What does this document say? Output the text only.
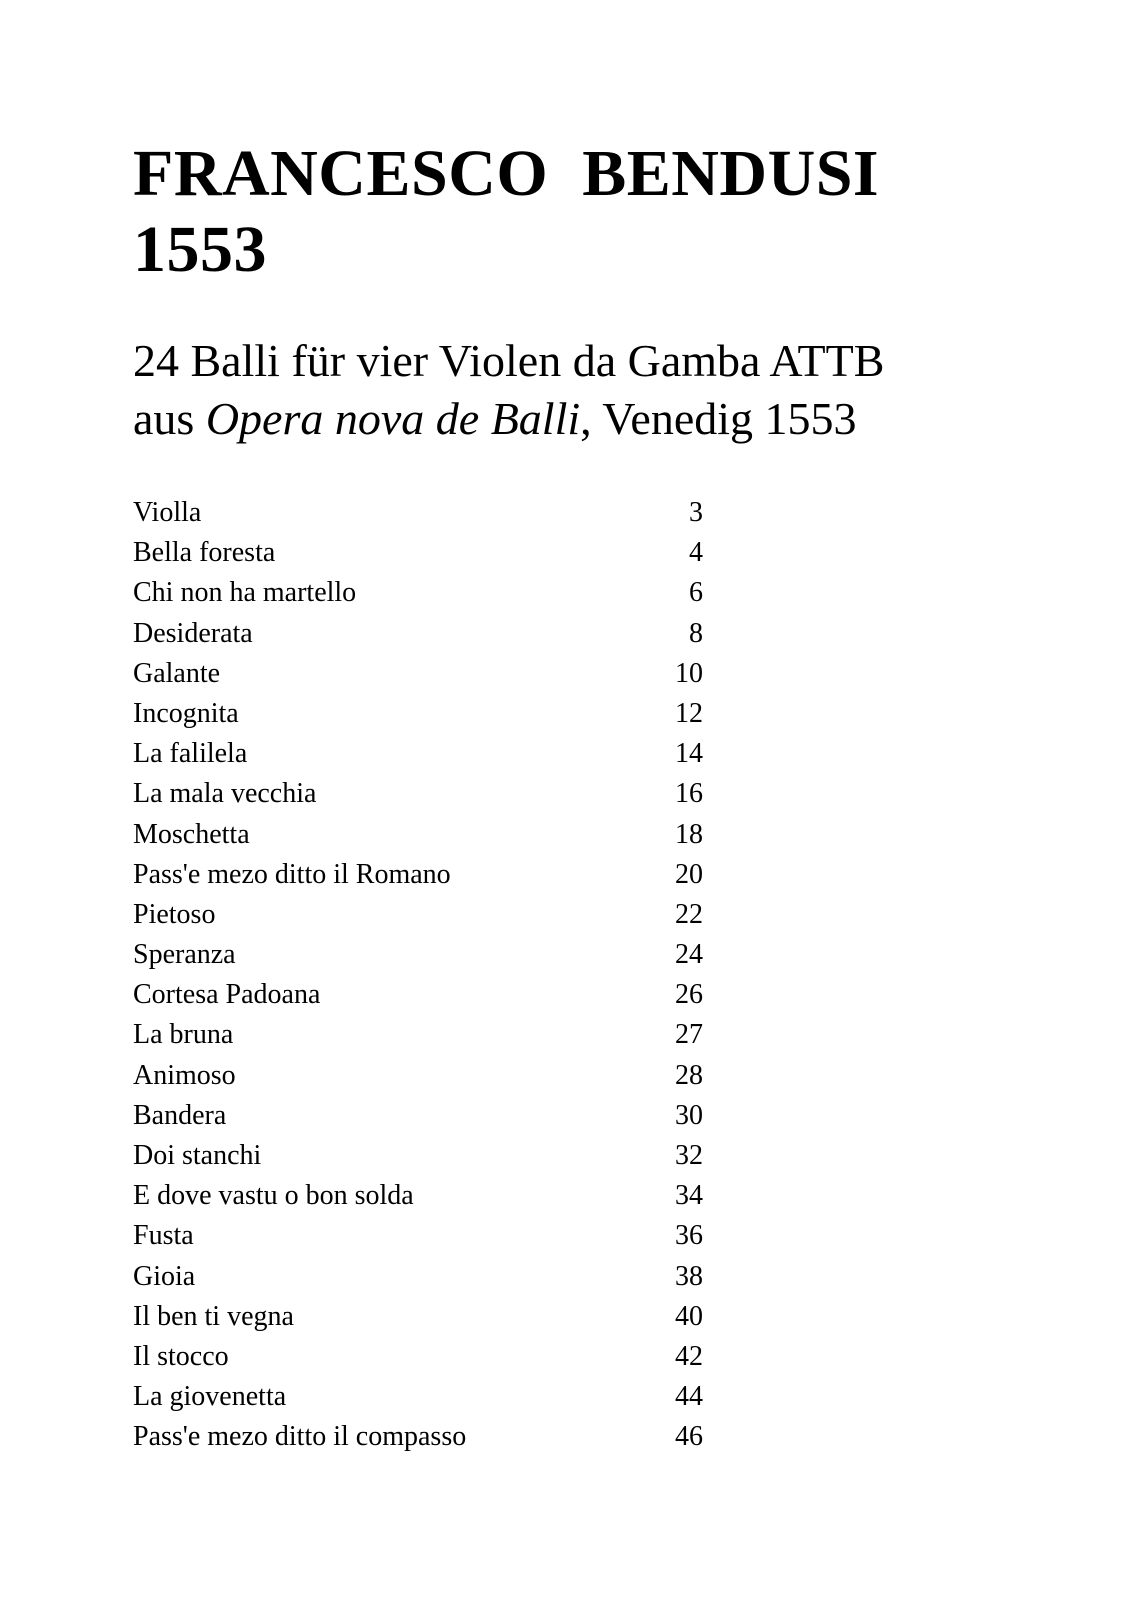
FRANCESCO  BENDUSI
1553
24 Balli für vier Violen da Gamba ATTB
aus Opera nova de Balli, Venedig 1553
Violla	3
Bella foresta	4
Chi non ha martello	6
Desiderata	8
Galante	10
Incognita	12
La falilela	14
La mala vecchia	16
Moschetta	18
Pass'e mezo ditto il Romano	20
Pietoso	22
Speranza	24
Cortesa Padoana	26
La bruna	27
Animoso	28
Bandera	30
Doi stanchi	32
E dove vastu o bon solda	34
Fusta	36
Gioia	38
Il ben ti vegna	40
Il stocco	42
La giovenetta	44
Pass'e mezo ditto il compasso	46
